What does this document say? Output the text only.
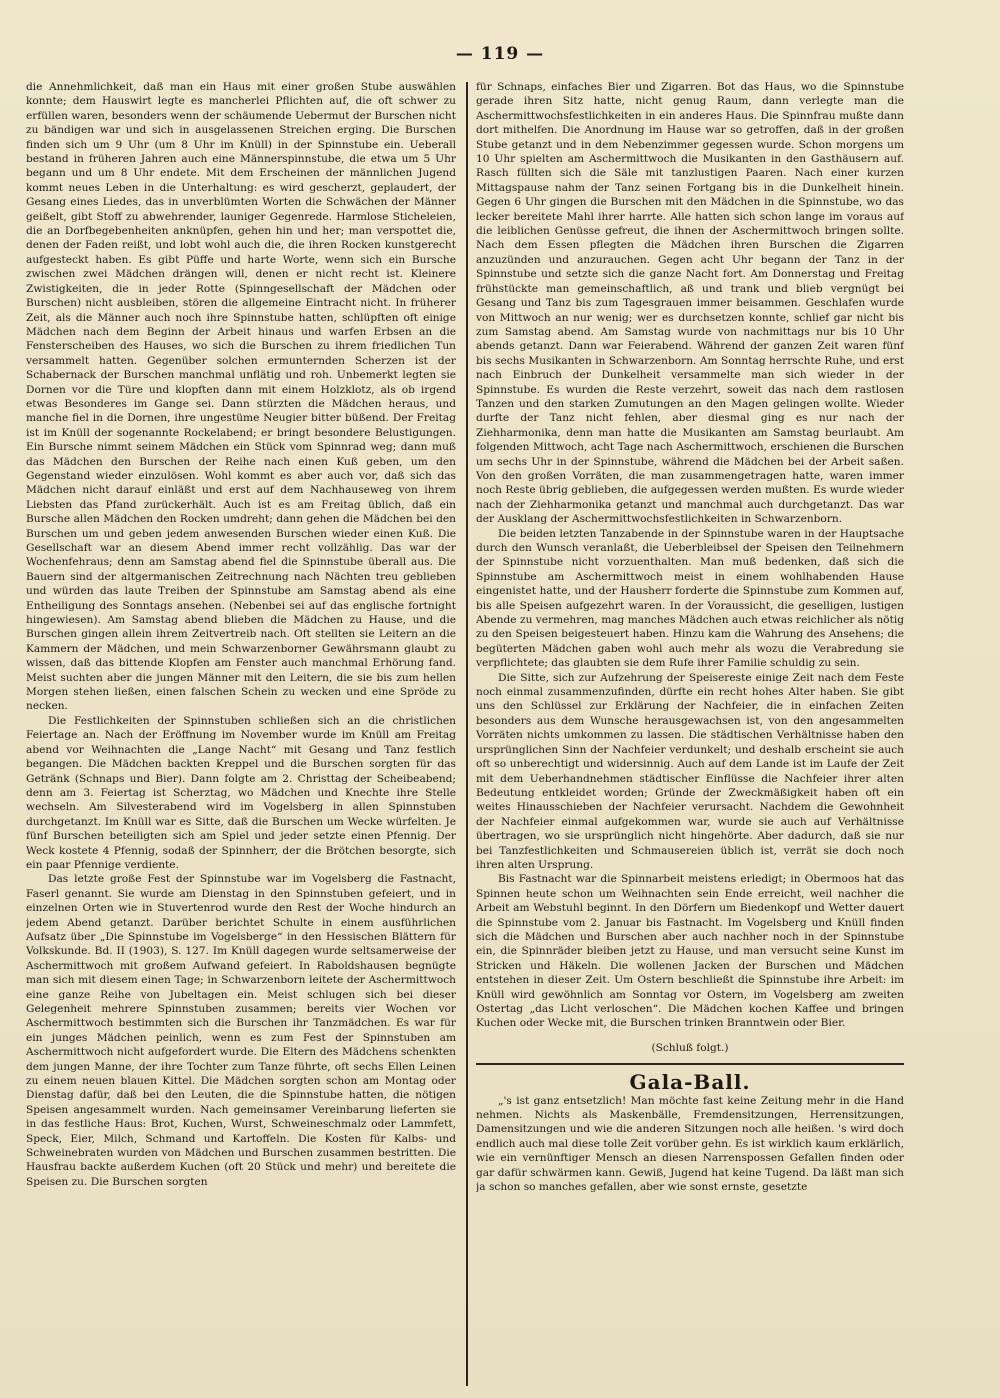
— 119 —

die Annehmlichkeit, daß man ein Haus mit einer großen Stube auswählen konnte; dem Hauswirt legte es mancherlei Pflichten auf, die oft schwer zu erfüllen waren, besonders wenn der schäumende Uebermut der Burschen nicht zu bändigen war und sich in ausgelassenen Streichen erging. Die Burschen finden sich um 9 Uhr (um 8 Uhr im Knüll) in der Spinnstube ein. Ueberall bestand in früheren Jahren auch eine Männerspinnstube, die etwa um 5 Uhr begann und um 8 Uhr endete. Mit dem Erscheinen der männlichen Jugend kommt neues Leben in die Unterhaltung: es wird gescherzt, geplaudert, der Gesang eines Liedes, das in unverblümten Worten die Schwächen der Männer geißelt, gibt Stoff zu abwehrender, launiger Gegenrede. Harmlose Sticheleien, die an Dorfbegebenheiten anknüpfen, gehen hin und her; man verspottet die, denen der Faden reißt, und lobt wohl auch die, die ihren Rocken kunstgerecht aufgesteckt haben. Es gibt Püffe und harte Worte, wenn sich ein Bursche zwischen zwei Mädchen drängen will, denen er nicht recht ist. Kleinere Zwistigkeiten, die in jeder Rotte (Spinngesellschaft der Mädchen oder Burschen) nicht ausbleiben, stören die allgemeine Eintracht nicht. In früherer Zeit, als die Männer auch noch ihre Spinnstube hatten, schlüpften oft einige Mädchen nach dem Beginn der Arbeit hinaus und warfen Erbsen an die Fensterscheiben des Hauses, wo sich die Burschen zu ihrem friedlichen Tun versammelt hatten. Gegenüber solchen ermunternden Scherzen ist der Schabernack der Burschen manchmal unflätig und roh. Unbemerkt legten sie Dornen vor die Türe und klopften dann mit einem Holzklotz, als ob irgend etwas Besonderes im Gange sei. Dann stürzten die Mädchen heraus, und manche fiel in die Dornen, ihre ungestüme Neugier bitter büßend. Der Freitag ist im Knüll der sogenannte Rockelabend; er bringt besondere Belustigungen. Ein Bursche nimmt seinem Mädchen ein Stück vom Spinnrad weg; dann muß das Mädchen den Burschen der Reihe nach einen Kuß geben, um den Gegenstand wieder einzulösen. Wohl kommt es aber auch vor, daß sich das Mädchen nicht darauf einläßt und erst auf dem Nachhauseweg von ihrem Liebsten das Pfand zurückerhält. Auch ist es am Freitag üblich, daß ein Bursche allen Mädchen den Rocken umdreht; dann gehen die Mädchen bei den Burschen um und geben jedem anwesenden Burschen wieder einen Kuß. Die Gesellschaft war an diesem Abend immer recht vollzählig. Das war der Wochenfehraus; denn am Samstag abend fiel die Spinnstube überall aus. Die Bauern sind der altgermanischen Zeitrechnung nach Nächten treu geblieben und würden das laute Treiben der Spinnstube am Samstag abend als eine Entheiligung des Sonntags ansehen. (Nebenbei sei auf das englische fortnight hingewiesen). Am Samstag abend blieben die Mädchen zu Hause, und die Burschen gingen allein ihrem Zeitvertreib nach. Oft stellten sie Leitern an die Kammern der Mädchen, und mein Schwarzenborner Gewährsmann glaubt zu wissen, daß das bittende Klopfen am Fenster auch manchmal Erhörung fand. Meist suchten aber die jungen Männer mit den Leitern, die sie bis zum hellen Morgen stehen ließen, einen falschen Schein zu wecken und eine Spröde zu necken.

Die Festlichkeiten der Spinnstuben schließen sich an die christlichen Feiertage an. Nach der Eröffnung im November wurde im Knüll am Freitag abend vor Weihnachten die „Lange Nacht“ mit Gesang und Tanz festlich begangen. Die Mädchen backten Kreppel und die Burschen sorgten für das Getränk (Schnaps und Bier). Dann folgte am 2. Christtag der Scheibeabend; denn am 3. Feiertag ist Scherztag, wo Mädchen und Knechte ihre Stelle wechseln. Am Silvesterabend wird im Vogelsberg in allen Spinnstuben durchgetanzt. Im Knüll war es Sitte, daß die Burschen um Wecke würfelten. Je fünf Burschen beteiligten sich am Spiel und jeder setzte einen Pfennig. Der Weck kostete 4 Pfennig, sodaß der Spinnherr, der die Brötchen besorgte, sich ein paar Pfennige verdiente.

Das letzte große Fest der Spinnstube war im Vogelsberg die Fastnacht, Faserl genannt. Sie wurde am Dienstag in den Spinnstuben gefeiert, und in einzelnen Orten wie in Stuvertenrod wurde den Rest der Woche hindurch an jedem Abend getanzt. Darüber berichtet Schulte in einem ausführlichen Aufsatz über „Die Spinnstube im Vogelsberge“ in den Hessischen Blättern für Volkskunde. Bd. II (1903), S. 127. Im Knüll dagegen wurde seltsamerweise der Aschermittwoch mit großem Aufwand gefeiert. In Raboldshausen begnügte man sich mit diesem einen Tage; in Schwarzenborn leitete der Aschermittwoch eine ganze Reihe von Jubeltagen ein. Meist schlugen sich bei dieser Gelegenheit mehrere Spinnstuben zusammen; bereits vier Wochen vor Aschermittwoch bestimmten sich die Burschen ihr Tanzmädchen. Es war für ein junges Mädchen peinlich, wenn es zum Fest der Spinnstuben am Aschermittwoch nicht aufgefordert wurde. Die Eltern des Mädchens schenkten dem jungen Manne, der ihre Tochter zum Tanze führte, oft sechs Ellen Leinen zu einem neuen blauen Kittel. Die Mädchen sorgten schon am Montag oder Dienstag dafür, daß bei den Leuten, die die Spinnstube hatten, die nötigen Speisen angesammelt wurden. Nach gemeinsamer Vereinbarung lieferten sie in das festliche Haus: Brot, Kuchen, Wurst, Schweineschmalz oder Lammfett, Speck, Eier, Milch, Schmand und Kartoffeln. Die Kosten für Kalbs- und Schweinebraten wurden von Mädchen und Burschen zusammen bestritten. Die Hausfrau backte außerdem Kuchen (oft 20 Stück und mehr) und bereitete die Speisen zu. Die Burschen sorgten

für Schnaps, einfaches Bier und Zigarren. Bot das Haus, wo die Spinnstube gerade ihren Sitz hatte, nicht genug Raum, dann verlegte man die Aschermittwochsfestlichkeiten in ein anderes Haus. Die Spinnfrau mußte dann dort mithelfen. Die Anordnung im Hause war so getroffen, daß in der großen Stube getanzt und in dem Nebenzimmer gegessen wurde. Schon morgens um 10 Uhr spielten am Aschermittwoch die Musikanten in den Gasthäusern auf. Rasch füllten sich die Säle mit tanzlustigen Paaren. Nach einer kurzen Mittagspause nahm der Tanz seinen Fortgang bis in die Dunkelheit hinein. Gegen 6 Uhr gingen die Burschen mit den Mädchen in die Spinnstube, wo das lecker bereitete Mahl ihrer harrte. Alle hatten sich schon lange im voraus auf die leiblichen Genüsse gefreut, die ihnen der Aschermittwoch bringen sollte. Nach dem Essen pflegten die Mädchen ihren Burschen die Zigarren anzuzünden und anzurauchen. Gegen acht Uhr begann der Tanz in der Spinnstube und setzte sich die ganze Nacht fort. Am Donnerstag und Freitag frühstückte man gemeinschaftlich, aß und trank und blieb vergnügt bei Gesang und Tanz bis zum Tagesgrauen immer beisammen. Geschlafen wurde von Mittwoch an nur wenig; wer es durchsetzen konnte, schlief gar nicht bis zum Samstag abend. Am Samstag wurde von nachmittags nur bis 10 Uhr abends getanzt. Dann war Feierabend. Während der ganzen Zeit waren fünf bis sechs Musikanten in Schwarzenborn. Am Sonntag herrschte Ruhe, und erst nach Einbruch der Dunkelheit versammelte man sich wieder in der Spinnstube. Es wurden die Reste verzehrt, soweit das nach dem rastlosen Tanzen und den starken Zumutungen an den Magen gelingen wollte. Wieder durfte der Tanz nicht fehlen, aber diesmal ging es nur nach der Ziehharmonika, denn man hatte die Musikanten am Samstag beurlaubt. Am folgenden Mittwoch, acht Tage nach Aschermittwoch, erschienen die Burschen um sechs Uhr in der Spinnstube, während die Mädchen bei der Arbeit saßen. Von den großen Vorräten, die man zusammengetragen hatte, waren immer noch Reste übrig geblieben, die aufgegessen werden mußten. Es wurde wieder nach der Ziehharmonika getanzt und manchmal auch durchgetanzt. Das war der Ausklang der Aschermittwochsfestlichkeiten in Schwarzenborn.

Die beiden letzten Tanzabende in der Spinnstube waren in der Hauptsache durch den Wunsch veranlaßt, die Ueberbleibsel der Speisen den Teilnehmern der Spinnstube nicht vorzuenthalten. Man muß bedenken, daß sich die Spinnstube am Aschermittwoch meist in einem wohlhabenden Hause eingenistet hatte, und der Hausherr forderte die Spinnstube zum Kommen auf, bis alle Speisen aufgezehrt waren. In der Voraussicht, die geselligen, lustigen Abende zu vermehren, mag manches Mädchen auch etwas reichlicher als nötig zu den Speisen beigesteuert haben. Hinzu kam die Wahrung des Ansehens; die begüterten Mädchen gaben wohl auch mehr als wozu die Verabredung sie verpflichtete; das glaubten sie dem Rufe ihrer Familie schuldig zu sein.

Die Sitte, sich zur Aufzehrung der Speisereste einige Zeit nach dem Feste noch einmal zusammenzufinden, dürfte ein recht hohes Alter haben. Sie gibt uns den Schlüssel zur Erklärung der Nachfeier, die in einfachen Zeiten besonders aus dem Wunsche herausgewachsen ist, von den angesammelten Vorräten nichts umkommen zu lassen. Die städtischen Verhältnisse haben den ursprünglichen Sinn der Nachfeier verdunkelt; und deshalb erscheint sie auch oft so unberechtigt und widersinnig. Auch auf dem Lande ist im Laufe der Zeit mit dem Ueberhandnehmen städtischer Einflüsse die Nachfeier ihrer alten Bedeutung entkleidet worden; Gründe der Zweckmäßigkeit haben oft ein weites Hinausschieben der Nachfeier verursacht. Nachdem die Gewohnheit der Nachfeier einmal aufgekommen war, wurde sie auch auf Verhältnisse übertragen, wo sie ursprünglich nicht hingehörte. Aber dadurch, daß sie nur bei Tanzfestlichkeiten und Schmausereien üblich ist, verrät sie doch noch ihren alten Ursprung.

Bis Fastnacht war die Spinnarbeit meistens erledigt; in Obermoos hat das Spinnen heute schon um Weihnachten sein Ende erreicht, weil nachher die Arbeit am Webstuhl beginnt. In den Dörfern um Biedenkopf und Wetter dauert die Spinnstube vom 2. Januar bis Fastnacht. Im Vogelsberg und Knüll finden sich die Mädchen und Burschen aber auch nachher noch in der Spinnstube ein, die Spinnräder bleiben jetzt zu Hause, und man versucht seine Kunst im Stricken und Häkeln. Die wollenen Jacken der Burschen und Mädchen entstehen in dieser Zeit. Um Ostern beschließt die Spinnstube ihre Arbeit: im Knüll wird gewöhnlich am Sonntag vor Ostern, im Vogelsberg am zweiten Ostertag „das Licht verloschen“. Die Mädchen kochen Kaffee und bringen Kuchen oder Wecke mit, die Burschen trinken Branntwein oder Bier.

(Schluß folgt.)
Gala-Ball.

„'s ist ganz entsetzlich! Man möchte fast keine Zeitung mehr in die Hand nehmen. Nichts als Maskenbälle, Fremdensitzungen, Herrensitzungen, Damensitzungen und wie die anderen Sitzungen noch alle heißen. 's wird doch endlich auch mal diese tolle Zeit vorüber gehn. Es ist wirklich kaum erklärlich, wie ein vernünftiger Mensch an diesen Narrenspossen Gefallen finden oder gar dafür schwärmen kann. Gewiß, Jugend hat keine Tugend. Da läßt man sich ja schon so manches gefallen, aber wie sonst ernste, gesetzte
